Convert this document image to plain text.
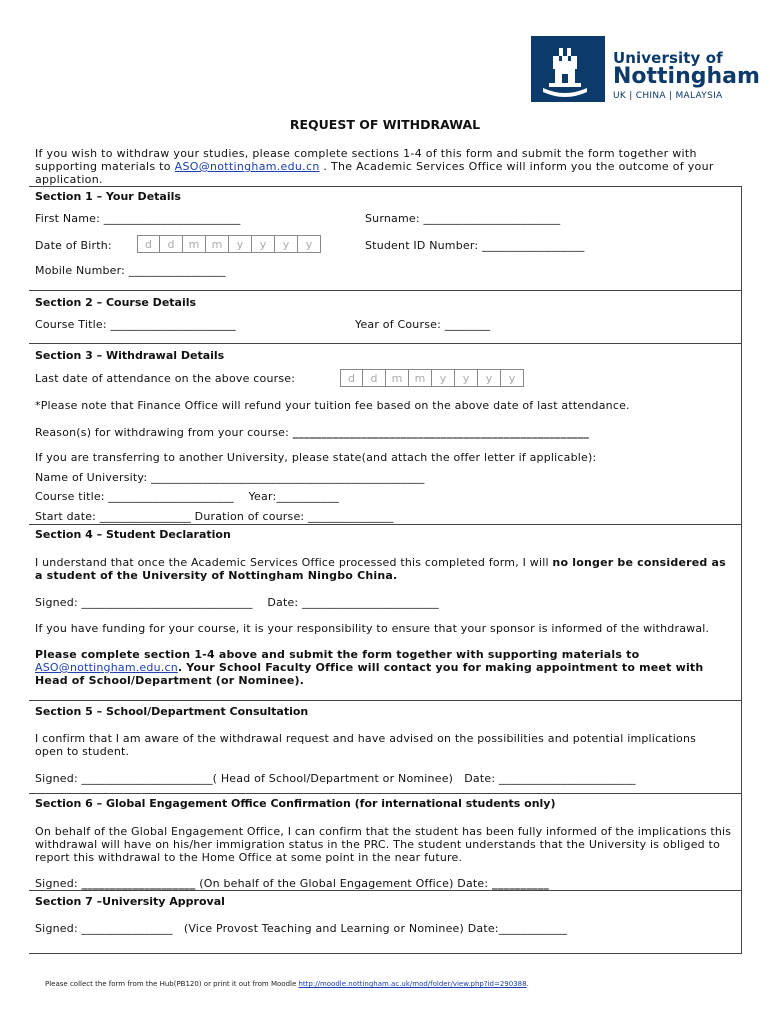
University of
Nottingham
UK | CHINA | MALAYSIA
REQUEST OF WITHDRAWAL
If you wish to withdraw your studies, please complete sections 1-4 of this form and submit the form together with supporting materials to ASO@nottingham.edu.cn . The Academic Services Office will inform you the outcome of your application.
Section 1 – Your Details
First Name: ________________________	Surname: ________________________
Date of Birth:	d	d	m	m	y	y	y	y	Student ID Number: __________________
Mobile Number: _________________
Section 2 – Course Details
Course Title: ______________________	Year of Course: ________
Section 3 – Withdrawal Details
Last date of attendance on the above course:	d	d	m	m	y	y	y	y
*Please note that Finance Office will refund your tuition fee based on the above date of last attendance.
Reason(s) for withdrawing from your course: ____________________________________________________
If you are transferring to another University, please state(and attach the offer letter if applicable):
Name of University: ________________________________________________
Course title: ______________________    Year:___________
Start date: ________________ Duration of course: _______________
Section 4 – Student Declaration
I understand that once the Academic Services Office processed this completed form, I will no longer be considered as a student of the University of Nottingham Ningbo China.
Signed: ______________________________    Date: ________________________
If you have funding for your course, it is your responsibility to ensure that your sponsor is informed of the withdrawal.
Please complete section 1-4 above and submit the form together with supporting materials to ASO@nottingham.edu.cn. Your School Faculty Office will contact you for making appointment to meet with Head of School/Department (or Nominee).
Section 5 – School/Department Consultation
I confirm that I am aware of the withdrawal request and have advised on the possibilities and potential implications open to student.
Signed: _______________________( Head of School/Department or Nominee)   Date: ________________________
Section 6 – Global Engagement Office Confirmation (for international students only)
On behalf of the Global Engagement Office, I can confirm that the student has been fully informed of the implications this withdrawal will have on his/her immigration status in the PRC. The student understands that the University is obliged to report this withdrawal to the Home Office at some point in the near future.
Signed: ____________________ (On behalf of the Global Engagement Office) Date: __________
Section 7 –University Approval
Signed: ________________   (Vice Provost Teaching and Learning or Nominee) Date:____________
Please collect the form from the Hub(PB120) or print it out from Moodle http://moodle.nottingham.ac.uk/mod/folder/view.php?id=290388.
